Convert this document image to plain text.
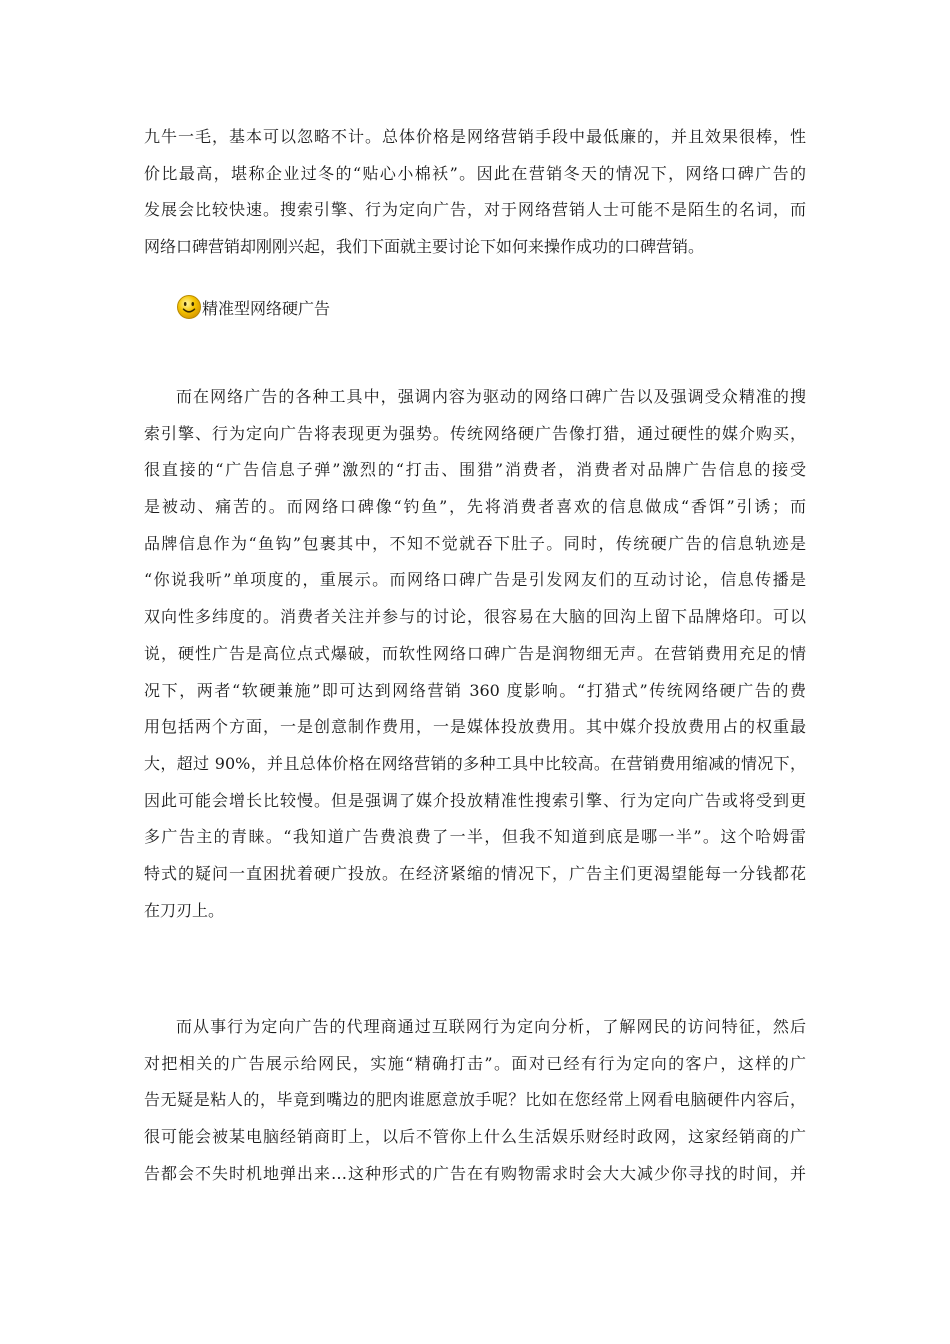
九牛一毛，基本可以忽略不计。总体价格是网络营销手段中最低廉的，并且效果很棒，性
价比最高，堪称企业过冬的“贴心小棉袄”。因此在营销冬天的情况下，网络口碑广告的
发展会比较快速。搜索引擎、行为定向广告，对于网络营销人士可能不是陌生的名词，而
网络口碑营销却刚刚兴起，我们下面就主要讨论下如何来操作成功的口碑营销。
精准型网络硬广告
而在网络广告的各种工具中，强调内容为驱动的网络口碑广告以及强调受众精准的搜
索引擎、行为定向广告将表现更为强势。传统网络硬广告像打猎，通过硬性的媒介购买，
很直接的“广告信息子弹”激烈的“打击、围猎”消费者，消费者对品牌广告信息的接受
是被动、痛苦的。而网络口碑像“钓鱼”，先将消费者喜欢的信息做成“香饵”引诱；而
品牌信息作为“鱼钩”包裹其中，不知不觉就吞下肚子。同时，传统硬广告的信息轨迹是
“你说我听”单项度的，重展示。而网络口碑广告是引发网友们的互动讨论，信息传播是
双向性多纬度的。消费者关注并参与的讨论，很容易在大脑的回沟上留下品牌烙印。可以
说，硬性广告是高位点式爆破，而软性网络口碑广告是润物细无声。在营销费用充足的情
况下，两者“软硬兼施”即可达到网络营销 360 度影响。“打猎式”传统网络硬广告的费
用包括两个方面，一是创意制作费用，一是媒体投放费用。其中媒介投放费用占的权重最
大，超过 90%，并且总体价格在网络营销的多种工具中比较高。在营销费用缩减的情况下，
因此可能会增长比较慢。但是强调了媒介投放精准性搜索引擎、行为定向广告或将受到更
多广告主的青睐。“我知道广告费浪费了一半，但我不知道到底是哪一半”。这个哈姆雷
特式的疑问一直困扰着硬广投放。在经济紧缩的情况下，广告主们更渴望能每一分钱都花
在刀刃上。
而从事行为定向广告的代理商通过互联网行为定向分析，了解网民的访问特征，然后
对把相关的广告展示给网民，实施“精确打击”。面对已经有行为定向的客户，这样的广
告无疑是粘人的，毕竟到嘴边的肥肉谁愿意放手呢？比如在您经常上网看电脑硬件内容后，
很可能会被某电脑经销商盯上，以后不管你上什么生活娱乐财经时政网，这家经销商的广
告都会不失时机地弹出来…这种形式的广告在有购物需求时会大大减少你寻找的时间，并
